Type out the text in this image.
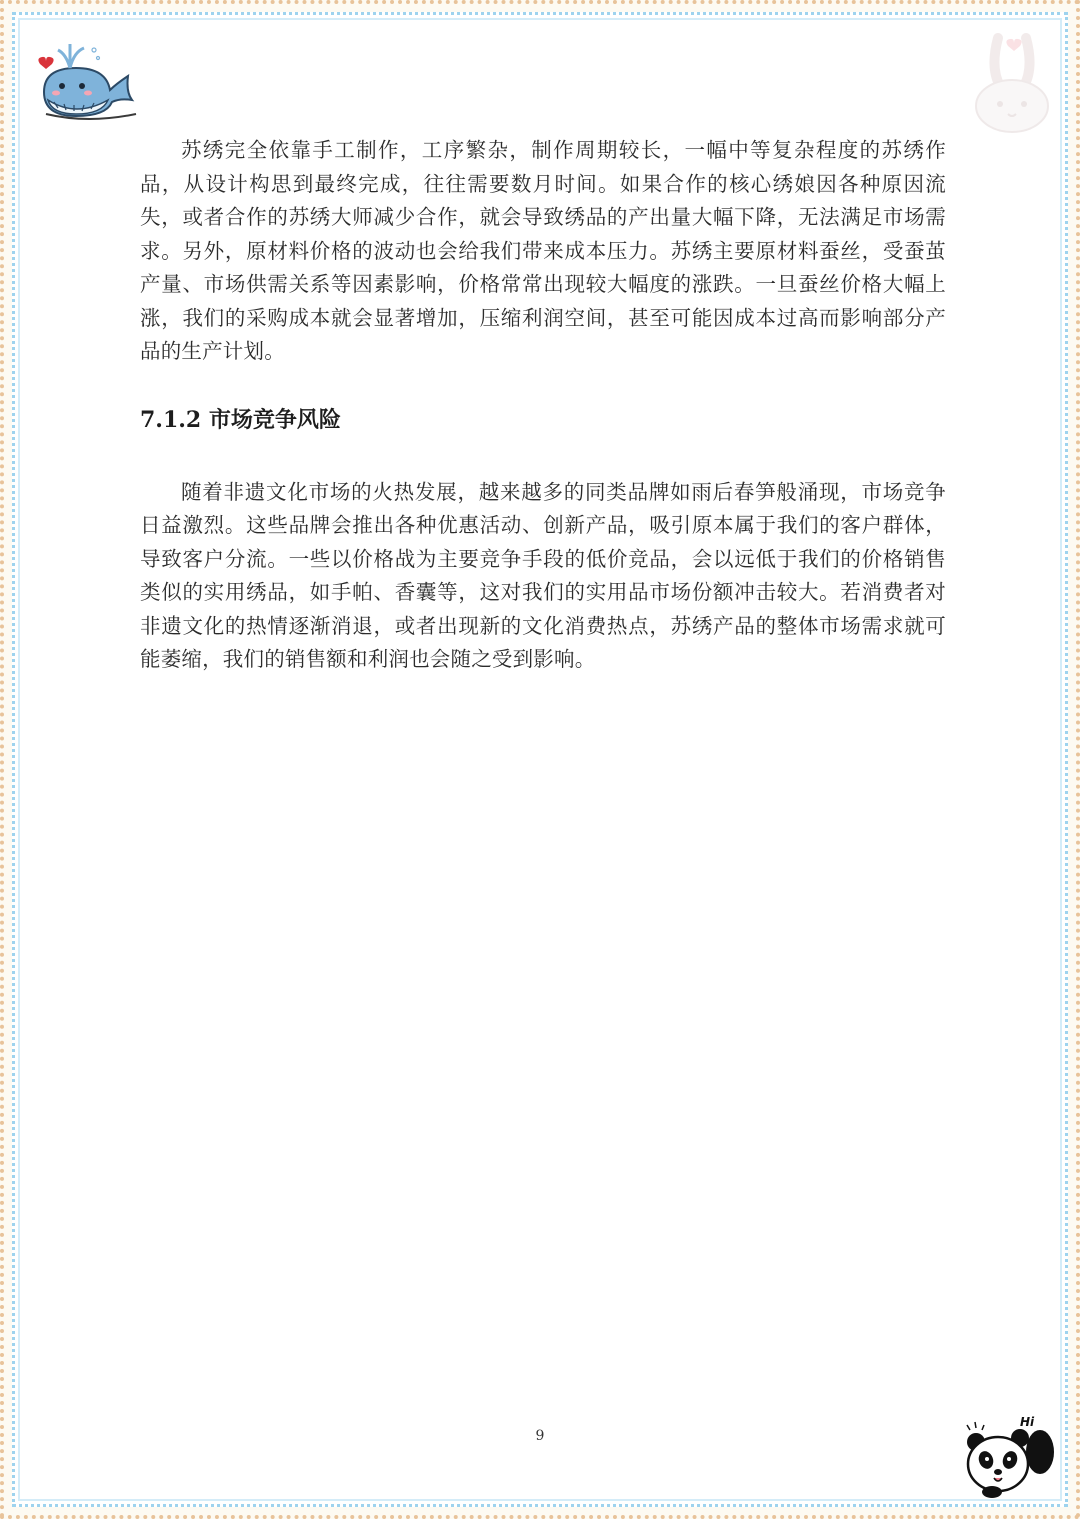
苏绣完全依靠手工制作，工序繁杂，制作周期较长，一幅中等复杂程度的苏绣作品，从设计构思到最终完成，往往需要数月时间。如果合作的核心绣娘因各种原因流失，或者合作的苏绣大师减少合作，就会导致绣品的产出量大幅下降，无法满足市场需求。另外，原材料价格的波动也会给我们带来成本压力。苏绣主要原材料蚕丝，受蚕茧产量、市场供需关系等因素影响，价格常常出现较大幅度的涨跌。一旦蚕丝价格大幅上涨，我们的采购成本就会显著增加，压缩利润空间，甚至可能因成本过高而影响部分产品的生产计划。

7.1.2 市场竞争风险

随着非遗文化市场的火热发展，越来越多的同类品牌如雨后春笋般涌现，市场竞争日益激烈。这些品牌会推出各种优惠活动、创新产品，吸引原本属于我们的客户群体，导致客户分流。一些以价格战为主要竞争手段的低价竞品，会以远低于我们的价格销售类似的实用绣品，如手帕、香囊等，这对我们的实用品市场份额冲击较大。若消费者对非遗文化的热情逐渐消退，或者出现新的文化消费热点，苏绣产品的整体市场需求就可能萎缩，我们的销售额和利润也会随之受到影响。

9
Hi
